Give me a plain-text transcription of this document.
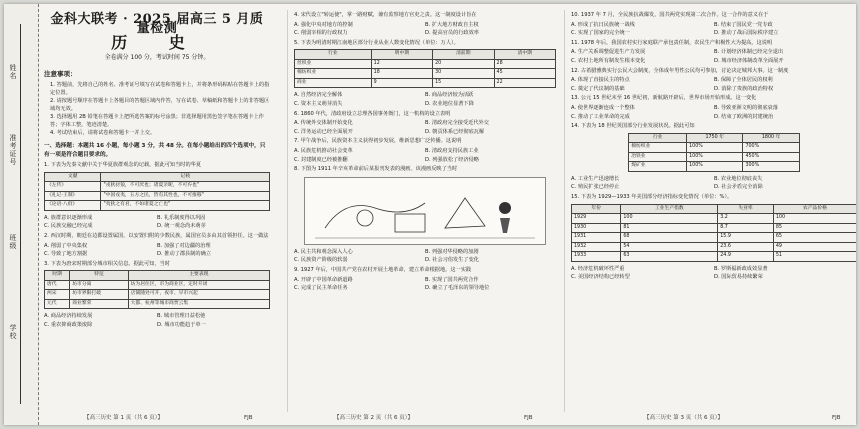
姓名
准考证号
班级
学校
金科大联考 · 2025 届高三 5 月质量检测
历 史
全卷满分 100 分，考试时间 75 分钟。
注意事项：
1. 答题前，先将自己的姓名、准考证号填写在试卷和答题卡上，并将条形码粘贴在答题卡上的指定位置。
2. 请按题号顺序在答题卡上各题目的答题区域内作答，写在试卷、草稿纸和答题卡上的非答题区域均无效。
3. 选择题用 2B 铅笔在答题卡上把所选答案的标号涂黑；非选择题用黑色签字笔在答题卡上作答；字体工整，笔迹清楚。
4. 考试结束后，请将试卷和答题卡一并上交。
一、选择题：本题共 16 小题，每小题 3 分，共 48 分。在每小题给出的四个选项中，只有一项是符合题目要求的。
1. 下表为先秦文献中关于华夏族群观念的记载。据此可知当时的华夏
文献	记载
《左传》	"戎狄豺狼，不可厌也；诸夏亲昵，不可弃也"
《礼记·王制》	"中国戎夷，五方之民，皆有其性也，不可推移"
《论语·八佾》	"夷狄之有君，不如诸夏之亡也"
A. 族群意识逐渐形成	B. 礼乐制度得以巩固
C. 民族交融已经完成	D. 统一观念尚未萌芽
2. 西汉时期，朝廷在边郡设置属国，以安置归附的少数民族，属国官员多由其首领担任。这一做法
A. 削弱了中央集权	B. 加强了对边疆的治理
C. 导致了地方割据	D. 推动了郡县制的确立
3. 下表为唐宋时期部分城市相关信息。据此可知，当时
时期	特征	主要表现
唐代	坊市分离	坊为居住区，市为商业区，定时开闭
两宋	坊市界限打破	店铺随处可开，夜市、早市兴起
元代	商业繁荣	大都、杭州等城市商贾云集
A. 商品经济持续发展	B. 城市管理日益松弛
C. 重农抑商政策废除	D. 城市功能趋于单一
4. 宋代设立"转运使"，掌一路财赋，兼有监察地方官吏之责。这一制度设计旨在
A. 强化中央对地方的控制	B. 扩大地方财政自主权
C. 削弱宰相的行政权力	D. 提高官员的行政效率
5. 下表为明清时期江南地区部分行业从业人数变化情况（单位：万人）。
行业	明中期	清前期	清中期
丝织业	12	20	28
棉纺织业	18	30	45
商业	9	15	22
A. 自然经济完全解体	B. 商品经济较为活跃
C. 资本主义萌芽消失	D. 农业地位显著下降
6. 1860 年代，清政府设立总理各国事务衙门，这一机构的设立表明
A. 传统外交体制开始变化	B. 清政府完全接受近代外交
C. 洋务运动已经全面展开	D. 朝贡体系已经彻底瓦解
7. 甲午战争后，民族资本主义获得初步发展，维新思想广泛传播。这说明
A. 民族危机推动社会变革	B. 清政府支持民族工业
C. 封建制度已经被推翻	D. 列强放松了经济侵略
8. 下图为 1911 年辛亥革命前后某报刊发表的漫画。该漫画反映了当时
A. 民主共和观念深入人心	B. 列强对华侵略的加剧
C. 民族资产阶级的软弱	D. 社会习俗发生了变化
9. 1927 年后，中国共产党在农村开展土地革命，建立革命根据地。这一实践
A. 开辟了中国革命新道路	B. 实现了国共两党合作
C. 完成了民主革命任务	D. 确立了毛泽东的领导地位
10. 1937 年 7 月，全民族抗战爆发，国共两党实现第二次合作。这一合作的意义在于
A. 形成了抗日民族统一战线	B. 结束了国民党一党专政
C. 实现了国家的完全统一	D. 推动了战后国际秩序建立
11. 1978 年后，我国农村实行家庭联产承包责任制，农民生产积极性大为提高。这说明
A. 生产关系调整促进生产力发展	B. 计划经济体制已经完全退出
C. 农村土地所有制发生根本变化	D. 城市经济体制改革全面展开
12. 古希腊雅典实行公民大会制度，全体成年男性公民均可参加，讨论决定城邦大事。这一制度
A. 体现了直接民主的特点	B. 保障了全体居民的权利
C. 奠定了代议制的基础	D. 消除了贵族的政治特权
13. 公元 15 世纪末至 16 世纪初，新航路开辟后，世界市场开始形成。这一变化
A. 使世界逐渐连成一个整体	B. 导致亚洲文明的彻底衰落
C. 推动了工业革命的完成	D. 结束了欧洲的封建统治
14. 下表为 18 世纪英国部分行业发展状况。据此可知
行业	1750 年	1800 年
棉纺织业	100%	700%
冶铁业	100%	450%
煤矿业	100%	300%
A. 工业生产迅速增长	B. 农业地位彻底丧失
C. 殖民扩张已经停止	D. 社会矛盾完全消除
15. 下表为 1929—1933 年美国部分经济指标变化情况（单位：%）。
年份	工业生产指数	失业率	农产品价格
1929	100	3.2	100
1930	81	8.7	85
1931	68	15.9	65
1932	54	23.6	49
1933	63	24.9	51
A. 经济危机破坏性严重	B. 罗斯福新政成效显著
C. 美国经济结构已经转型	D. 国际贸易持续繁荣
【高三历史 第 1 页（共 6 页）】	FJB	【高三历史 第 2 页（共 6 页）】	FJB	【高三历史 第 3 页（共 6 页）】	FJB
